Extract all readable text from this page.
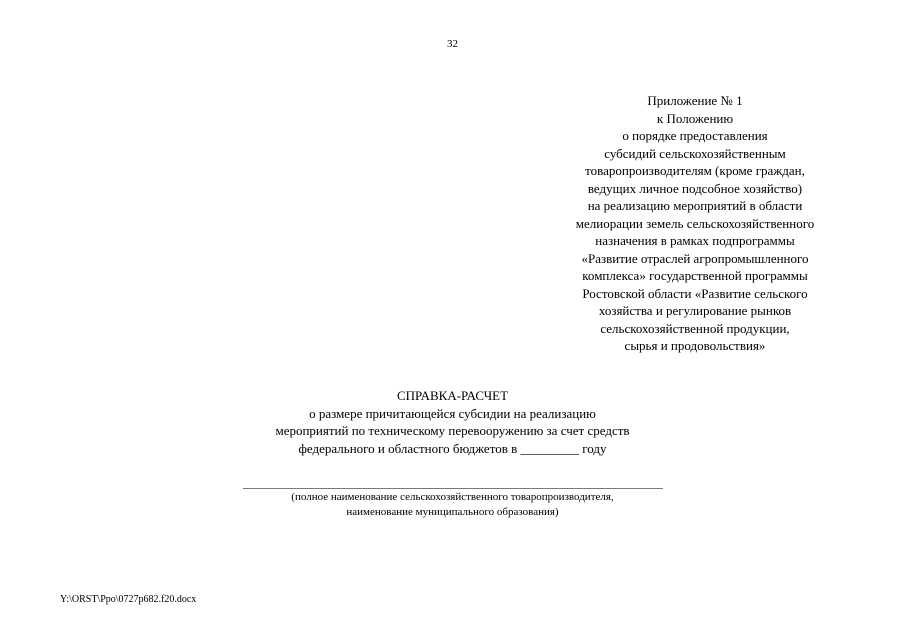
32
Приложение № 1
к Положению
о порядке предоставления
субсидий сельскохозяйственным
товаропроизводителям (кроме граждан,
ведущих личное подсобное хозяйство)
на реализацию мероприятий в области
мелиорации земель сельскохозяйственного
назначения в рамках подпрограммы
«Развитие отраслей агропромышленного
комплекса» государственной программы
Ростовской области «Развитие сельского
хозяйства и регулирование рынков
сельскохозяйственной продукции,
сырья и продовольствия»
СПРАВКА-РАСЧЕТ
о размере причитающейся субсидии на реализацию
мероприятий по техническому перевооружению за счет средств
федерального и областного бюджетов в _________ году
(полное наименование сельскохозяйственного товаропроизводителя,
наименование муниципального образования)
Y:\ORST\Ppo\0727p682.f20.docx
